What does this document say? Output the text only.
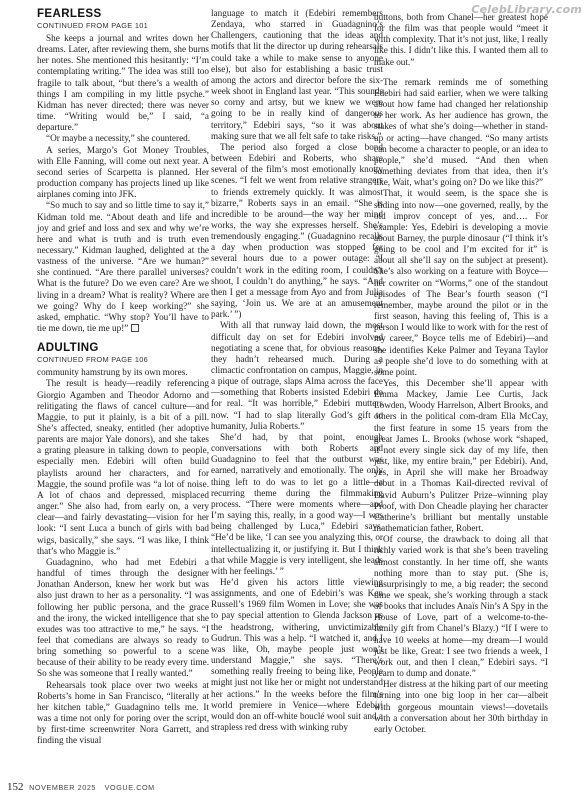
CelebLibrary.com
FEARLESS
CONTINUED FROM PAGE 101

She keeps a journal and writes down her dreams. Later, after reviewing them, she burns her notes. She mentioned this hesitantly: “I’m contemplating writing.” The idea was still too fragile to talk about, “but there’s a wealth of things I am compiling in my little psyche.” Kidman has never directed; there was never time. “Writing would be,” I said, “a departure.”

“Or maybe a necessity,” she countered.

A series, Margo’s Got Money Troubles, with Elle Fanning, will come out next year. A second series of Scarpetta is planned. Her production company has projects lined up like airplanes coming into JFK.

“So much to say and so little time to say it,” Kidman told me. “About death and life and joy and grief and loss and sex and why we’re here and what is truth and is truth even necessary.” Kidman laughed, delighted at the vastness of the universe. “Are we human?” she continued. “Are there parallel universes? What is the future? Do we even care? Are we living in a dream? What is reality? Where are we going? Why do I keep working?” she asked, emphatic. “Why stop? You’ll have to tie me down, tie me up!”

ADULTING
CONTINUED FROM PAGE 106

community hamstrung by its own mores.

The result is heady—readily referencing Giorgio Agamben and Theodor Adorno and relitigating the flaws of cancel culture—and Maggie, to put it plainly, is a bit of a pill. She’s affected, sneaky, entitled (her adoptive parents are major Yale donors), and she takes a grating pleasure in talking down to people, especially men. Edebiri will often build playlists around her characters, and for Maggie, the sound profile was “a lot of noise. A lot of chaos and depressed, misplaced anger.” She also had, from early on, a very clear—and fairly devastating—vision for her look: “I sent Luca a bunch of girls with bad wigs, basically,” she says. “I was like, I think that’s who Maggie is.”

Guadagnino, who had met Edebiri a handful of times through the designer Jonathan Anderson, knew her work but was also just drawn to her as a personality. “I was following her public persona, and the grace and the irony, the wicked intelligence that she exudes was too attractive to me,” he says. “I feel that comedians are always so ready to bring something so powerful to a scene because of their ability to be ready every time. So she was someone that I really wanted.”

Rehearsals took place over two weeks at Roberts’s home in San Francisco, “literally at her kitchen table,” Guadagnino tells me. It was a time not only for poring over the script, by first-time screenwriter Nora Garrett, and finding the visual

language to match it (Edebiri remembers Zendaya, who starred in Guadagnino’s Challengers, cautioning that the ideas and motifs that lit the director up during rehearsals could take a while to make sense to anyone else), but also for establishing a basic trust among the actors and director before the six-week shoot in England last year. “This sounds so corny and artsy, but we knew we were going to be in really kind of dangerous territory,” Edebiri says, “so it was about making sure that we all felt safe to take risks.”

The period also forged a close bond between Edebiri and Roberts, who share several of the film’s most emotionally knotty scenes. “I felt we went from relative strangers to friends extremely quickly. It was almost bizarre,” Roberts says in an email. “She is incredible to be around—the way her mind works, the way she expresses herself. She’s tremendously engaging.” (Guadagnino recalls a day when production was stopped for several hours due to a power outage: “I couldn’t work in the editing room, I couldn’t shoot, I couldn’t do anything,” he says. “And then I get a message from Ayo and from Julia saying, ‘Join us. We are at an amusement park.’ ”)

With all that runway laid down, the most difficult day on set for Edebiri involved negotiating a scene that, for obvious reasons, they hadn’t rehearsed much. During a climactic confrontation on campus, Maggie, in a pique of outrage, slaps Alma across the face—something that Roberts insisted Edebiri do for real. “It was horrible,” Edebiri mutters now. “I had to slap literally God’s gift to humanity, Julia Roberts.”

She’d had, by that point, enough conversations with both Roberts and Guadagnino to feel that the outburst was earned, narratively and emotionally. The only thing left to do was to let go a little—a recurring theme during the filmmaking process. “There were moments where—and I’m saying this, really, in a good way—I was being challenged by Luca,” Edebiri says. “He’d be like, ‘I can see you analyzing this, or intellectualizing it, or justifying it. But I think that while Maggie is very intelligent, she leads with her feelings.’ ”

He’d given his actors little viewing assignments, and one of Edebiri’s was Ken Russell’s 1969 film Women in Love; she was to pay special attention to Glenda Jackson as the headstrong, withering, unvictimizable Gudrun. This was a help. “I watched it, and I was like, Oh, maybe people just won’t understand Maggie,” she says. “There’s something really freeing to being like, People might just not like her or might not understand her actions.” In the weeks before the film’s world premiere in Venice—where Edebiri would don an off-white bouclé wool suit and a strapless red dress with winking ruby

buttons, both from Chanel—her greatest hope for the film was that people would “meet it with complexity. That it’s not just, like, I really like this. I didn’t like this. I wanted them all to make out.”

The remark reminds me of something Edebiri had said earlier, when we were talking about how fame had changed her relationship to her work. As her audience has grown, the stakes of what she’s doing—whether in stand-up or acting—have changed. “So many artists can become a character to people, or an idea to people,” she’d mused. “And then when something deviates from that idea, then it’s like, Wait, what’s going on? Do we like this?”

That, it would seem, is the space she is sliding into now—one governed, really, by the old improv concept of yes, and…. For example: Yes, Edebiri is developing a movie about Barney, the purple dinosaur (“I think it’s going to be cool and I’m excited for it” is about all she’ll say on the subject at present). She’s also working on a feature with Boyce—her cowriter on “Worms,” one of the standout episodes of The Bear’s fourth season (“I remember, maybe around the pilot or in the first season, having this feeling of, This is a person I would like to work with for the rest of my career,” Boyce tells me of Edebiri)—and she identifies Keke Palmer and Teyana Taylor as people she’d love to do something with at some point.

Yes, this December she’ll appear with Emma Mackey, Jamie Lee Curtis, Jack Lowden, Woody Harrelson, Albert Brooks, and others in the political com-dram Ella McCay, the first feature in some 15 years from the great James L. Brooks (whose work “shaped, if not every single sick day of my life, then just, like, my entire brain,” per Edebiri). And, yes, in April she will make her Broadway debut in a Thomas Kail-directed revival of David Auburn’s Pulitzer Prize–winning play Proof, with Don Cheadle playing her character Catherine’s brilliant but mentally unstable mathematician father, Robert.

Of course, the drawback to doing all that richly varied work is that she’s been traveling almost constantly. In her time off, she wants nothing more than to stay put. (She is, unsurprisingly to me, a big reader; the second time we speak, she’s working through a stack of books that includes Anaïs Nin’s A Spy in the House of Love, part of a welcome-to-the-family gift from Chanel’s Blazy.) “If I were to have 10 weeks at home—my dream—I would just be like, Great: I see two friends a week, I work out, and then I clean,” Edebiri says. “I yearn to dump and donate.”

Her distress at the hiking part of our meeting turning into one big loop in her car—albeit with gorgeous mountain views!—dovetails with a conversation about her 30th birthday in early October.

152 NOVEMBER 2025 VOGUE.COM
